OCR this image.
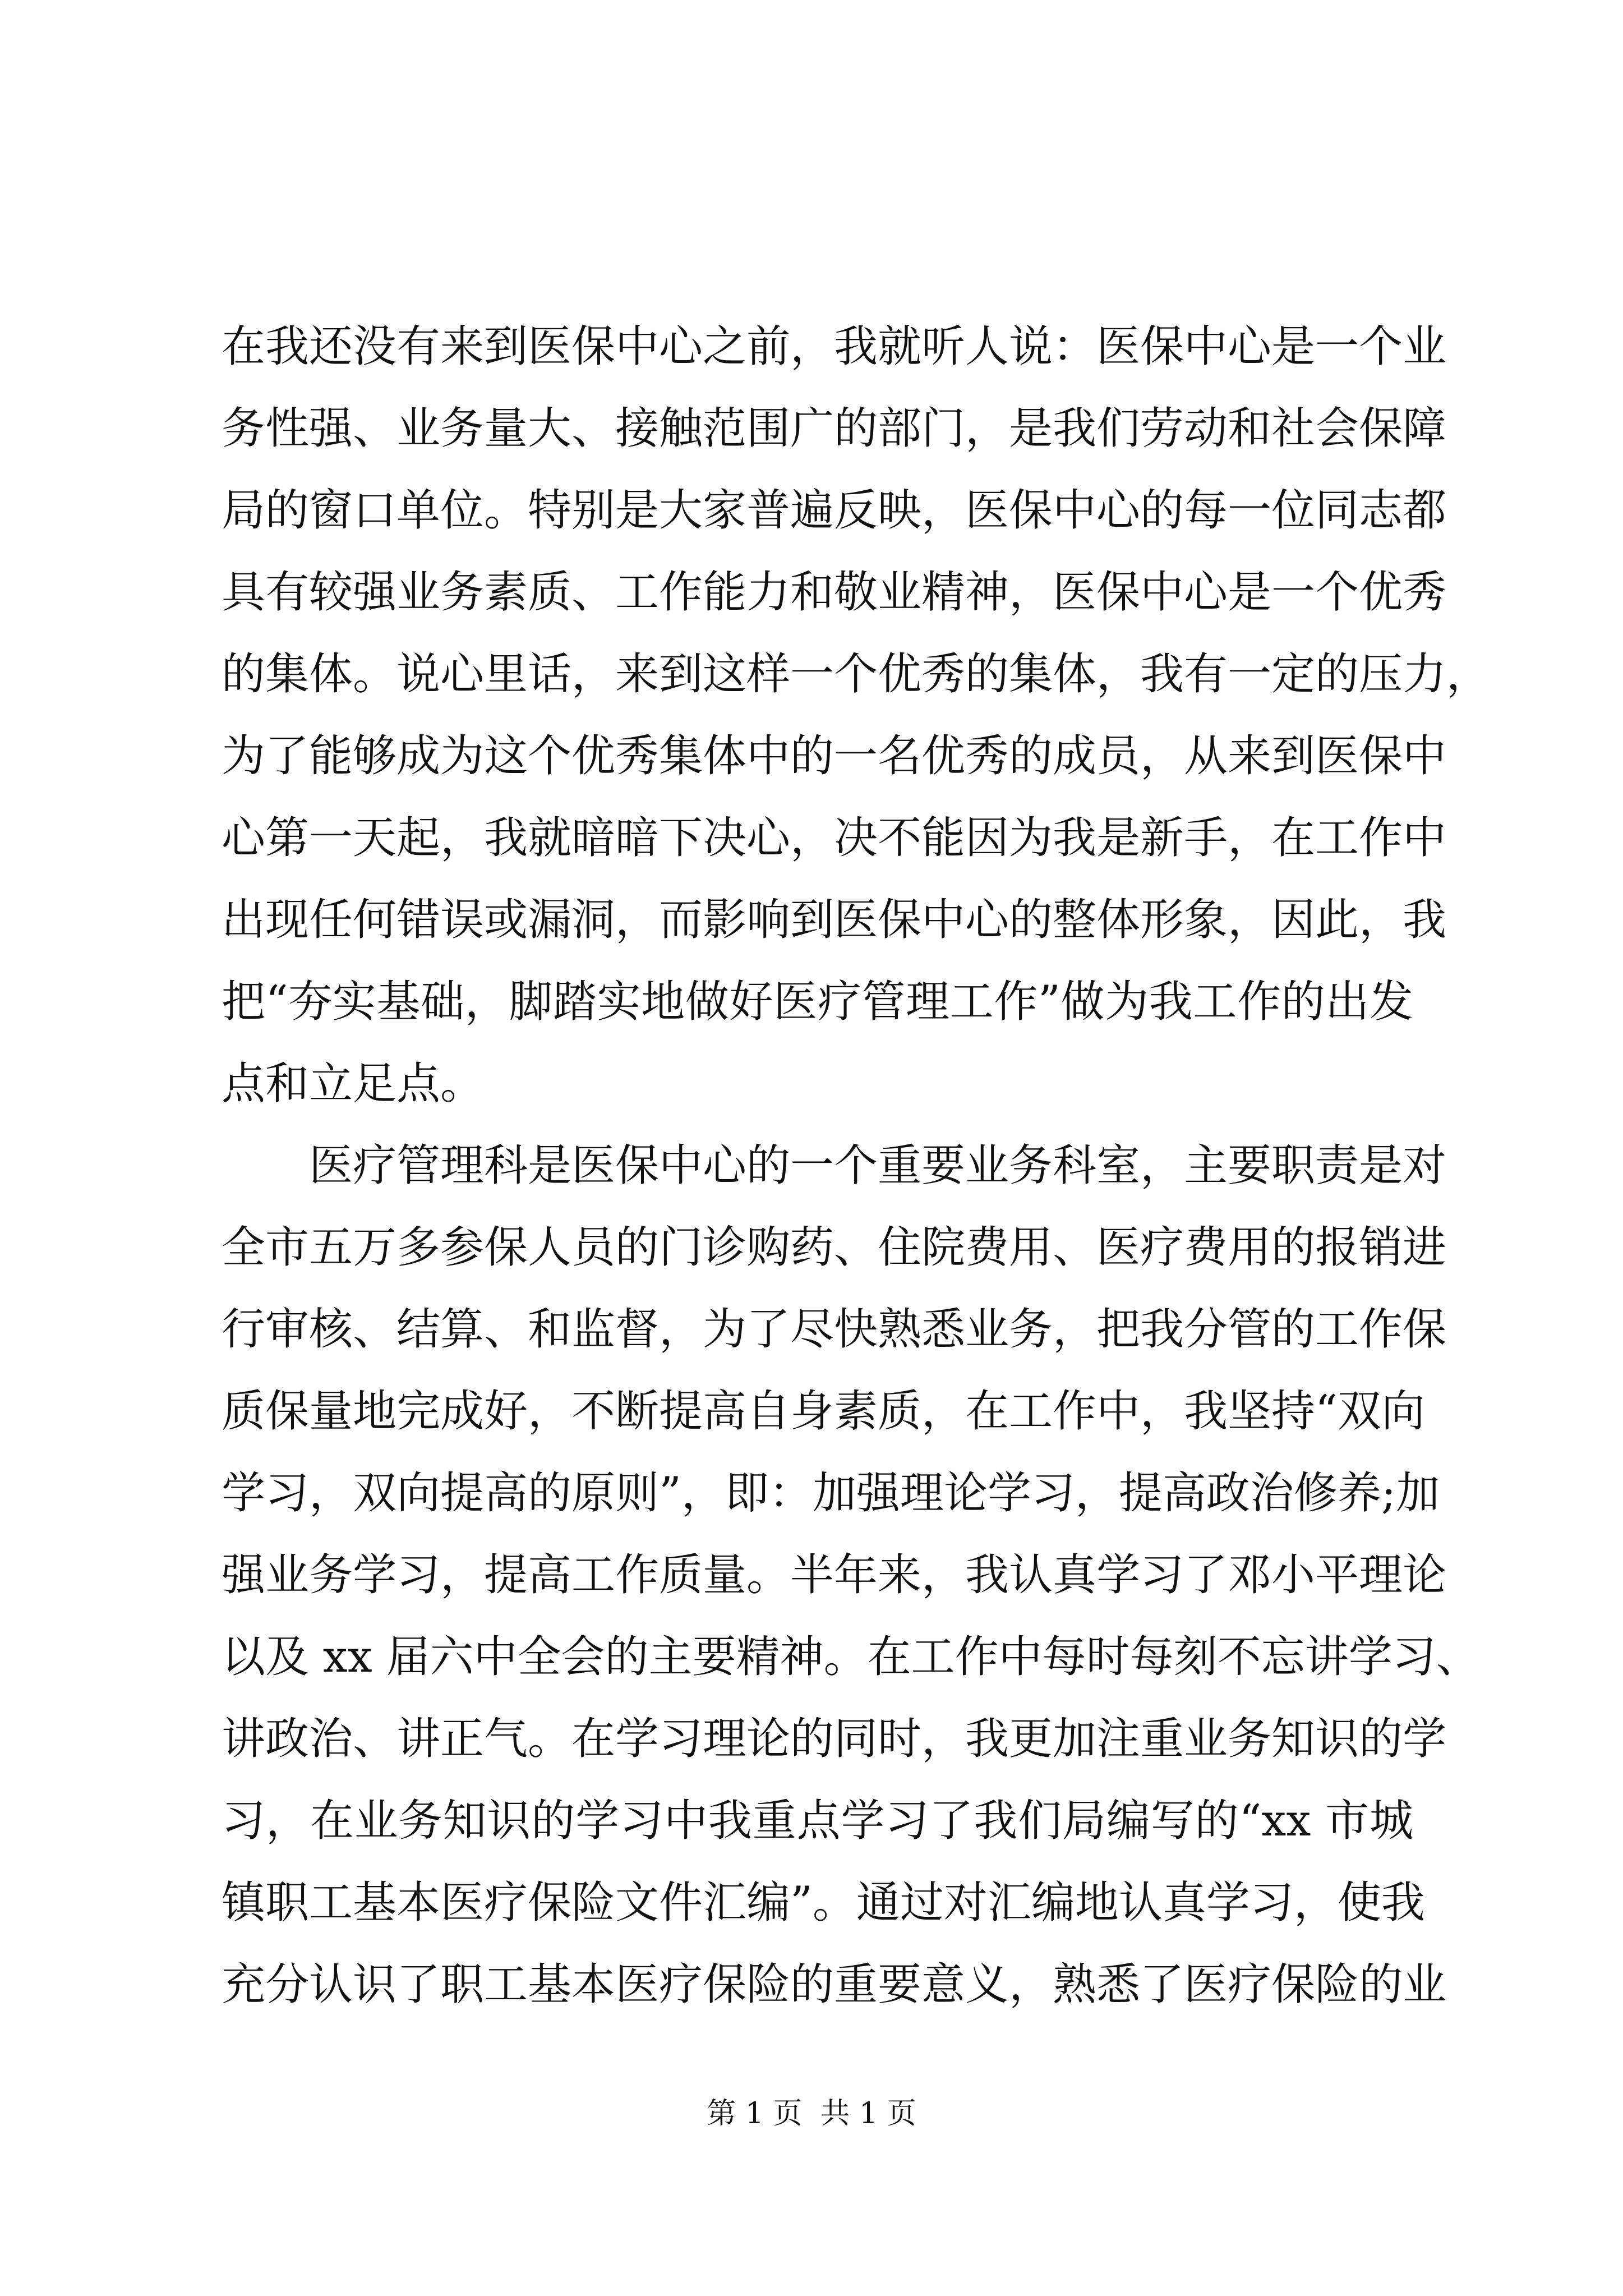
在我还没有来到医保中心之前，我就听人说：医保中心是一个业
务性强、业务量大、接触范围广的部门，是我们劳动和社会保障
局的窗口单位。特别是大家普遍反映，医保中心的每一位同志都
具有较强业务素质、工作能力和敬业精神，医保中心是一个优秀
的集体。说心里话，来到这样一个优秀的集体，我有一定的压力，
为了能够成为这个优秀集体中的一名优秀的成员，从来到医保中
心第一天起，我就暗暗下决心，决不能因为我是新手，在工作中
出现任何错误或漏洞，而影响到医保中心的整体形象，因此，我
把“夯实基础，脚踏实地做好医疗管理工作”做为我工作的出发
点和立足点。
　　医疗管理科是医保中心的一个重要业务科室，主要职责是对
全市五万多参保人员的门诊购药、住院费用、医疗费用的报销进
行审核、结算、和监督，为了尽快熟悉业务，把我分管的工作保
质保量地完成好，不断提高自身素质，在工作中，我坚持“双向
学习，双向提高的原则”，即：加强理论学习，提高政治修养;加
强业务学习，提高工作质量。半年来，我认真学习了邓小平理论
以及 xx 届六中全会的主要精神。在工作中每时每刻不忘讲学习、
讲政治、讲正气。在学习理论的同时，我更加注重业务知识的学
习，在业务知识的学习中我重点学习了我们局编写的“xx 市城
镇职工基本医疗保险文件汇编”。通过对汇编地认真学习，使我
充分认识了职工基本医疗保险的重要意义，熟悉了医疗保险的业
第 1 页  共 1 页
